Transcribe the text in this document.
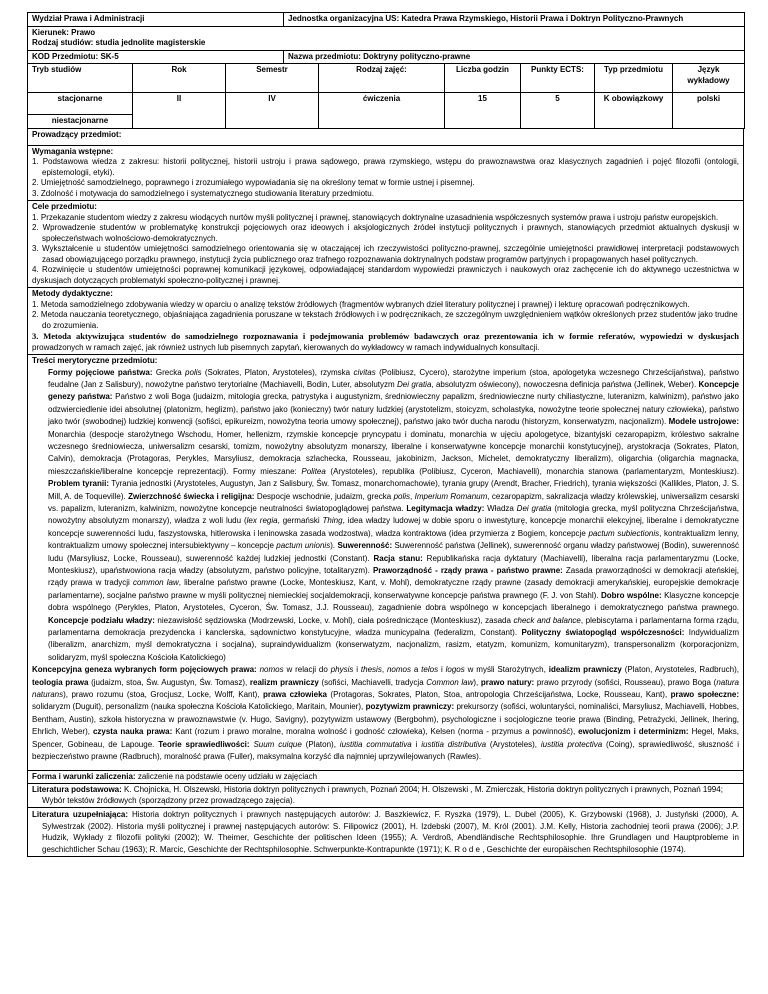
Wydział Prawa i Administracji	Jednostka organizacyjna US: Katedra Prawa Rzymskiego, Historii Prawa i Doktryn Polityczno-Prawnych

Kierunek: Prawo
Rodzaj studiów: studia jednolite magisterskie	

KOD Przedmiotu: SK-5	Nazwa przedmiotu: Doktryny polityczno-prawne
Tryb studiów	Rok	Semestr	Rodzaj zajęć:	Liczba godzin	Punkty ECTS:	Typ przedmiotu	Język wykładowy
stacjonarne	II	IV	ćwiczenia	15	5	K obowiązkowy	polski
niestacjonarne							
Prowadzący przedmiot:

Wymagania wstępne:

1. Podstawowa wiedza z zakresu: historii politycznej, historii ustroju i prawa sądowego, prawa rzymskiego, wstępu do prawoznawstwa oraz klasycznych zagadnień i pojęć filozofii (ontologii, epistemologii, etyki).

2. Umiejętność samodzielnego, poprawnego i zrozumiałego wypowiadania się na określony temat w formie ustnej i pisemnej.

3. Zdolność i motywacja do samodzielnego i systematycznego studiowania literatury przedmiotu.

Cele przedmiotu:

1. Przekazanie studentom wiedzy z zakresu wiodących nurtów myśli politycznej i prawnej, stanowiących doktrynalne uzasadnienia współczesnych systemów prawa i ustroju państw europejskich.

2. Wprowadzenie studentów w problematykę konstrukcji pojęciowych oraz ideowych i aksjologicznych źródeł instytucji politycznych i prawnych, stanowiących przedmiot aktualnych dyskusji w społeczeństwach wolnościowo-demokratycznych.

3. Wykształcenie u studentów umiejętności samodzielnego orientowania się w otaczającej ich rzeczywistości polityczno-prawnej, szczególnie umiejętności prawidłowej interpretacji podstawowych zasad obowiązującego porządku prawnego, instytucji życia publicznego oraz trafnego rozpoznawania doktrynalnych podstaw programów partyjnych i propagowanych haseł politycznych.

4. Rozwinięcie u studentów umiejętności poprawnej komunikacji językowej, odpowiadającej standardom wypowiedzi prawniczych i naukowych oraz zachęcenie ich do aktywnego uczestnictwa w dyskusjach dotyczących problematyki społeczno-politycznej i prawnej.

Metody dydaktyczne:

1. Metoda samodzielnego zdobywania wiedzy w oparciu o analizę tekstów źródłowych (fragmentów wybranych dzieł literatury politycznej i prawnej) i lekturę opracowań podręcznikowych.

2. Metoda nauczania teoretycznego, objaśniająca zagadnienia poruszane w tekstach źródłowych i w podręcznikach, ze szczególnym uwzględnieniem wątków określonych przez studentów jako trudne do zrozumienia.

3. Metoda aktywizująca studentów do samodzielnego rozpoznawania i podejmowania problemów badawczych oraz prezentowania ich w formie referatów, wypowiedzi w dyskusjach prowadzonych w ramach zajęć, jak również ustnych lub pisemnych zapytań, kierowanych do wykładowcy w ramach indywidualnych konsultacji.

Treści merytoryczne przedmiotu:

Formy pojęciowe państwa: Grecka polis (Sokrates, Platon, Arystoteles), rzymska civitas (Polibiusz, Cycero), starożytne imperium (stoa, apologetyka wczesnego Chrześcijaństwa), państwo feudalne (Jan z Salisbury), nowożytne państwo terytorialne (Machiavelli, Bodin, Luter, absolutyzm Dei gratia, absolutyzm oświecony), nowoczesna definicja państwa (Jellinek, Weber). Koncepcje genezy państwa: Państwo z woli Boga (judaizm, mitologia grecka, patrystyka i augustynizm, średniowieczny papalizm, średniowieczne nurty chiliastyczne, luteranizm, kalwinizm), państwo jako odzwierciedlenie idei absolutnej (platonizm, heglizm), państwo jako (konieczny) twór natury ludzkiej (arystotelizm, stoicyzm, scholastyka, nowożytne teorie społecznej natury człowieka), państwo jako twór (swobodnej) ludzkiej konwencji (sofiści, epikureizm, nowożytna teoria umowy społecznej), państwo jako twór ducha narodu (historyzm, konserwatyzm, nacjonalizm). Modele ustrojowe: Monarchia (despocje starożytnego Wschodu, Homer, hellenizm, rzymskie koncepcje pryncypatu i dominatu, monarchia w ujęciu apologetyce, bizantyjski cezaropapizm, królestwo sakralne wczesnego średniowiecza, uniwersalizm cesarski, tomizm, nowożytny absolutyzm monarszy, liberalne i konserwatywne koncepcje monarchii konstytucyjnej), arystokracja (Sokrates, Platon, Calvin), demokracja (Protagoras, Perykles, Marsyliusz, demokracja szlachecka, Rousseau, jakobinizm, Jackson, Michelet, demokratyczny liberalizm), oligarchia (oligarchia magnacka, mieszczańskie/liberalne koncepcje reprezentacji). Formy mieszane: Politea (Arystoteles), republika (Polibiusz, Cyceron, Machiavelli), monarchia stanowa (parlamentaryzm, Monteskiusz). Problem tyranii: Tyrania jednostki (Arystoteles, Augustyn, Jan z Salisbury, Św. Tomasz, monarchomachowie), tyrania grupy (Arendt, Bracher, Friedrich), tyrania większości (Kallikles, Platon, J. S. Mill, A. de Toqueville). Zwierzchność świecka i religijna: Despocje wschodnie, judaizm, grecka polis, Imperium Romanum, cezaropapizm, sakralizacja władzy królewskiej, uniwersalizm cesarski vs. papalizm, luteranizm, kalwinizm, nowożytne koncepcje neutralności światopoglądowej państwa. Legitymacja władzy: Władza Dei gratia (mitologia grecka, myśl polityczna Chrześcijaństwa, nowożytny absolutyzm monarszy), władza z woli ludu (lex regia, germański Thing, idea władzy ludowej w dobie sporu o inwestyturę, koncepcje monarchii elekcyjnej, liberalne i demokratyczne koncepcje suwerenności ludu, faszystowska, hitlerowska i leninowska zasada wodzostwa), władza kontraktowa (idea przymierza z Bogiem, koncepcje pactum subiectionis, kontraktualizm lenny, kontraktualizm umowy społecznej intersubiektywny – koncepcje pactum unionis). Suwerenność: Suwerenność państwa (Jellinek), suwerenność organu władzy państwowej (Bodin), suwerenność ludu (Marsyliusz, Locke, Rousseau), suwerenność każdej ludzkiej jednostki (Constant). Racja stanu: Republikańska racja dyktatury (Machiavelli), liberalna racja parlamentaryzmu (Locke, Monteskiusz), upaństwowiona racja władzy (absolutyzm, państwo policyjne, totalitaryzm). Praworządność - rządy prawa - państwo prawne: Zasada praworządności w demokracji ateńskiej, rządy prawa w tradycji common law, liberalne państwo prawne (Locke, Monteskiusz, Kant, v. Mohl), demokratyczne rządy prawne (zasady demokracji amerykańskiej, europejskie demokracje parlamentarne), socjalne państwo prawne w myśli politycznej niemieckiej socjaldemokracji, konserwatywne koncepcje państwa prawnego (F. J. von Stahl). Dobro wspólne: Klasyczne koncepcje dobra wspólnego (Perykles, Platon, Arystoteles, Cyceron, Św. Tomasz, J.J. Rousseau), zagadnienie dobra wspólnego w koncepcjach liberalnego i demokratycznego państwa prawnego. Koncepcje podziału władzy: niezawisłość sędziowska (Modrzewski, Locke, v. Mohl), ciała pośredniczące (Monteskiusz), zasada check and balance, plebiscytarna i parlamentarna forma rządu, parlamentarna demokracja prezydencka i kanclerska, sądownictwo konstytucyjne, władza municypalna (federalizm, Constant). Polityczny światopogląd współczesności: Indywidualizm (liberalizm, anarchizm, myśl demokratyczna i socjalna), supraindywidualizm (konserwatyzm, nacjonalizm, rasizm, etatyzm, komunizm, komunitaryzm), transpersonalizm (korporacjonizm, solidaryzm, myśl społeczna Kościoła Katolickiego)

Koncepcyjna geneza wybranych form pojęciowych prawa: nomos w relacji do physis i thesis, nomos a telos i logos w myśli Starożytnych, idealizm prawniczy (Platon, Arystoteles, Radbruch), teologia prawa (judaizm, stoa, Św. Augustyn, Św. Tomasz), realizm prawniczy (sofiści, Machiavelli, tradycja Common law), prawo natury: prawo przyrody (sofiści, Rousseau), prawo Boga (natura naturans), prawo rozumu (stoa, Grocjusz, Locke, Wolff, Kant), prawa człowieka (Protagoras, Sokrates, Platon, Stoa, antropologia Chrześcijaństwa, Locke, Rousseau, Kant), prawo społeczne: solidaryzm (Duguit), personalizm (nauka społeczna Kościoła Katolickiego, Maritain, Mounier), pozytywizm prawniczy: prekursorzy (sofiści, woluntaryści, nominaliści, Marsyliusz, Machiavelli, Hobbes, Bentham, Austin), szkoła historyczna w prawoznawstwie (v. Hugo, Savigny), pozytywizm ustawowy (Bergbohm), psychologiczne i socjologiczne teorie prawa (Binding, Petrażycki, Jellinek, Ihering, Ehrlich, Weber), czysta nauka prawa: Kant (rozum i prawo moralne, moralna wolność i godność człowieka), Kelsen (norma - przymus a powinność), ewolucjonizm i determinizm: Hegel, Maks, Spencer, Gobineau, de Lapouge. Teorie sprawiedliwości: Suum cuique (Platon), iustitia commutativa i iustitia distributiva (Arystoteles), iustitia protectiva (Coing), sprawiedliwość, słuszność i bezpieczeństwo prawne (Radbruch), moralność prawa (Fuller), maksymalna korzyść dla najmniej uprzywilejowanych (Rawles).

Forma i warunki zaliczenia: zaliczenie na podstawie oceny udziału w zajęciach
Literatura podstawowa: K. Chojnicka, H. Olszewski, Historia doktryn politycznych i prawnych, Poznań 2004; H. Olszewski , M. Zmierczak, Historia doktryn politycznych i prawnych, Poznań 1994; Wybór tekstów źródłowych (sporządzony przez prowadzącego zajęcia).
Literatura uzupełniająca: Historia doktryn politycznych i prawnych następujących autorów: J. Baszkiewicz, F. Ryszka (1979), L. Dubel (2005), K. Grzybowski (1968), J. Justyński (2000), A. Sylwestrzak (2002). Historia myśli politycznej i prawnej następujących autorów: S. Filipowicz (2001), H. Izdebski (2007), M. Król (2001). J.M. Kelly, Historia zachodniej teorii prawa (2006); J.P. Hudzik, Wykłady z filozofii polityki (2002); W. Theimer, Geschichte der politischen Ideen (1955); A. Verdroß, Abendländische Rechtsphilosophie. Ihre Grundlagen und Hauptprobleme in geschichtlicher Schau (1963); R. Marcic, Geschichte der Rechtsphilosophie. Schwerpunkte-Kontrapunkte (1971); K. R o d e , Geschichte der europäischen Rechtsphilosophie (1974).
